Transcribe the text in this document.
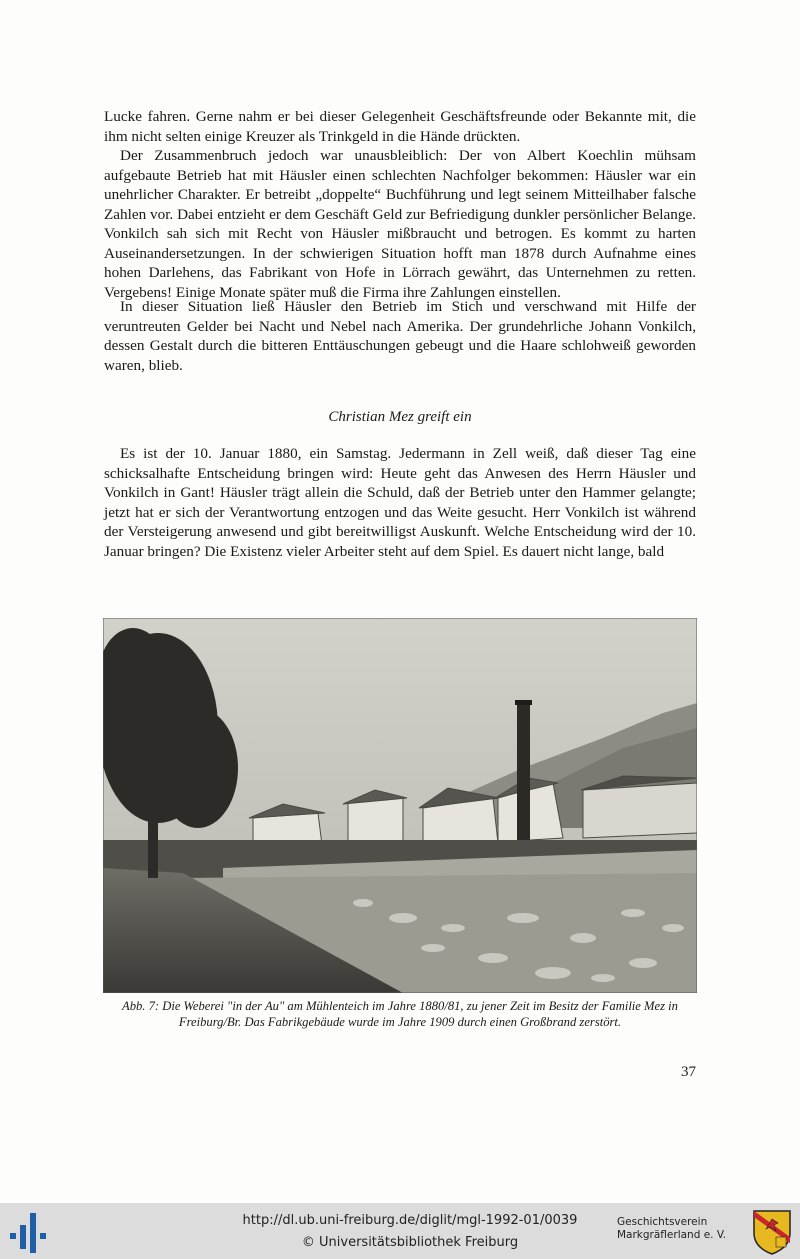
Lucke fahren. Gerne nahm er bei dieser Gelegenheit Geschäftsfreunde oder Bekannte mit, die ihm nicht selten einige Kreuzer als Trinkgeld in die Hände drückten.

Der Zusammenbruch jedoch war unausbleiblich: Der von Albert Koechlin mühsam aufgebaute Betrieb hat mit Häusler einen schlechten Nachfolger bekommen: Häusler war ein unehrlicher Charakter. Er betreibt „doppelte“ Buchführung und legt seinem Mitteilhaber falsche Zahlen vor. Dabei entzieht er dem Geschäft Geld zur Befriedigung dunkler persönlicher Belange. Vonkilch sah sich mit Recht von Häusler mißbraucht und betrogen. Es kommt zu harten Auseinandersetzungen. In der schwierigen Situation hofft man 1878 durch Aufnahme eines hohen Darlehens, das Fabrikant von Hofe in Lörrach gewährt, das Unternehmen zu retten. Vergebens! Einige Monate später muß die Firma ihre Zahlungen einstellen.

In dieser Situation ließ Häusler den Betrieb im Stich und verschwand mit Hilfe der veruntreuten Gelder bei Nacht und Nebel nach Amerika. Der grundehrliche Johann Vonkilch, dessen Gestalt durch die bitteren Enttäuschungen gebeugt und die Haare schlohweiß geworden waren, blieb.

Christian Mez greift ein

Es ist der 10. Januar 1880, ein Samstag. Jedermann in Zell weiß, daß dieser Tag eine schicksalhafte Entscheidung bringen wird: Heute geht das Anwesen des Herrn Häusler und Vonkilch in Gant! Häusler trägt allein die Schuld, daß der Betrieb unter den Hammer gelangte; jetzt hat er sich der Verantwortung entzogen und das Weite gesucht. Herr Vonkilch ist während der Versteigerung anwesend und gibt bereitwilligst Auskunft. Welche Entscheidung wird der 10. Januar bringen? Die Existenz vieler Arbeiter steht auf dem Spiel. Es dauert nicht lange, bald

Abb. 7: Die Weberei "in der Au" am Mühlenteich im Jahre 1880/81, zu jener Zeit im Besitz der Familie Mez in Freiburg/Br. Das Fabrikgebäude wurde im Jahre 1909 durch einen Großbrand zerstört.

37
http://dl.ub.uni-freiburg.de/diglit/mgl-1992-01/0039
© Universitätsbibliothek Freiburg
Geschichtsverein
Markgräflerland e. V.
